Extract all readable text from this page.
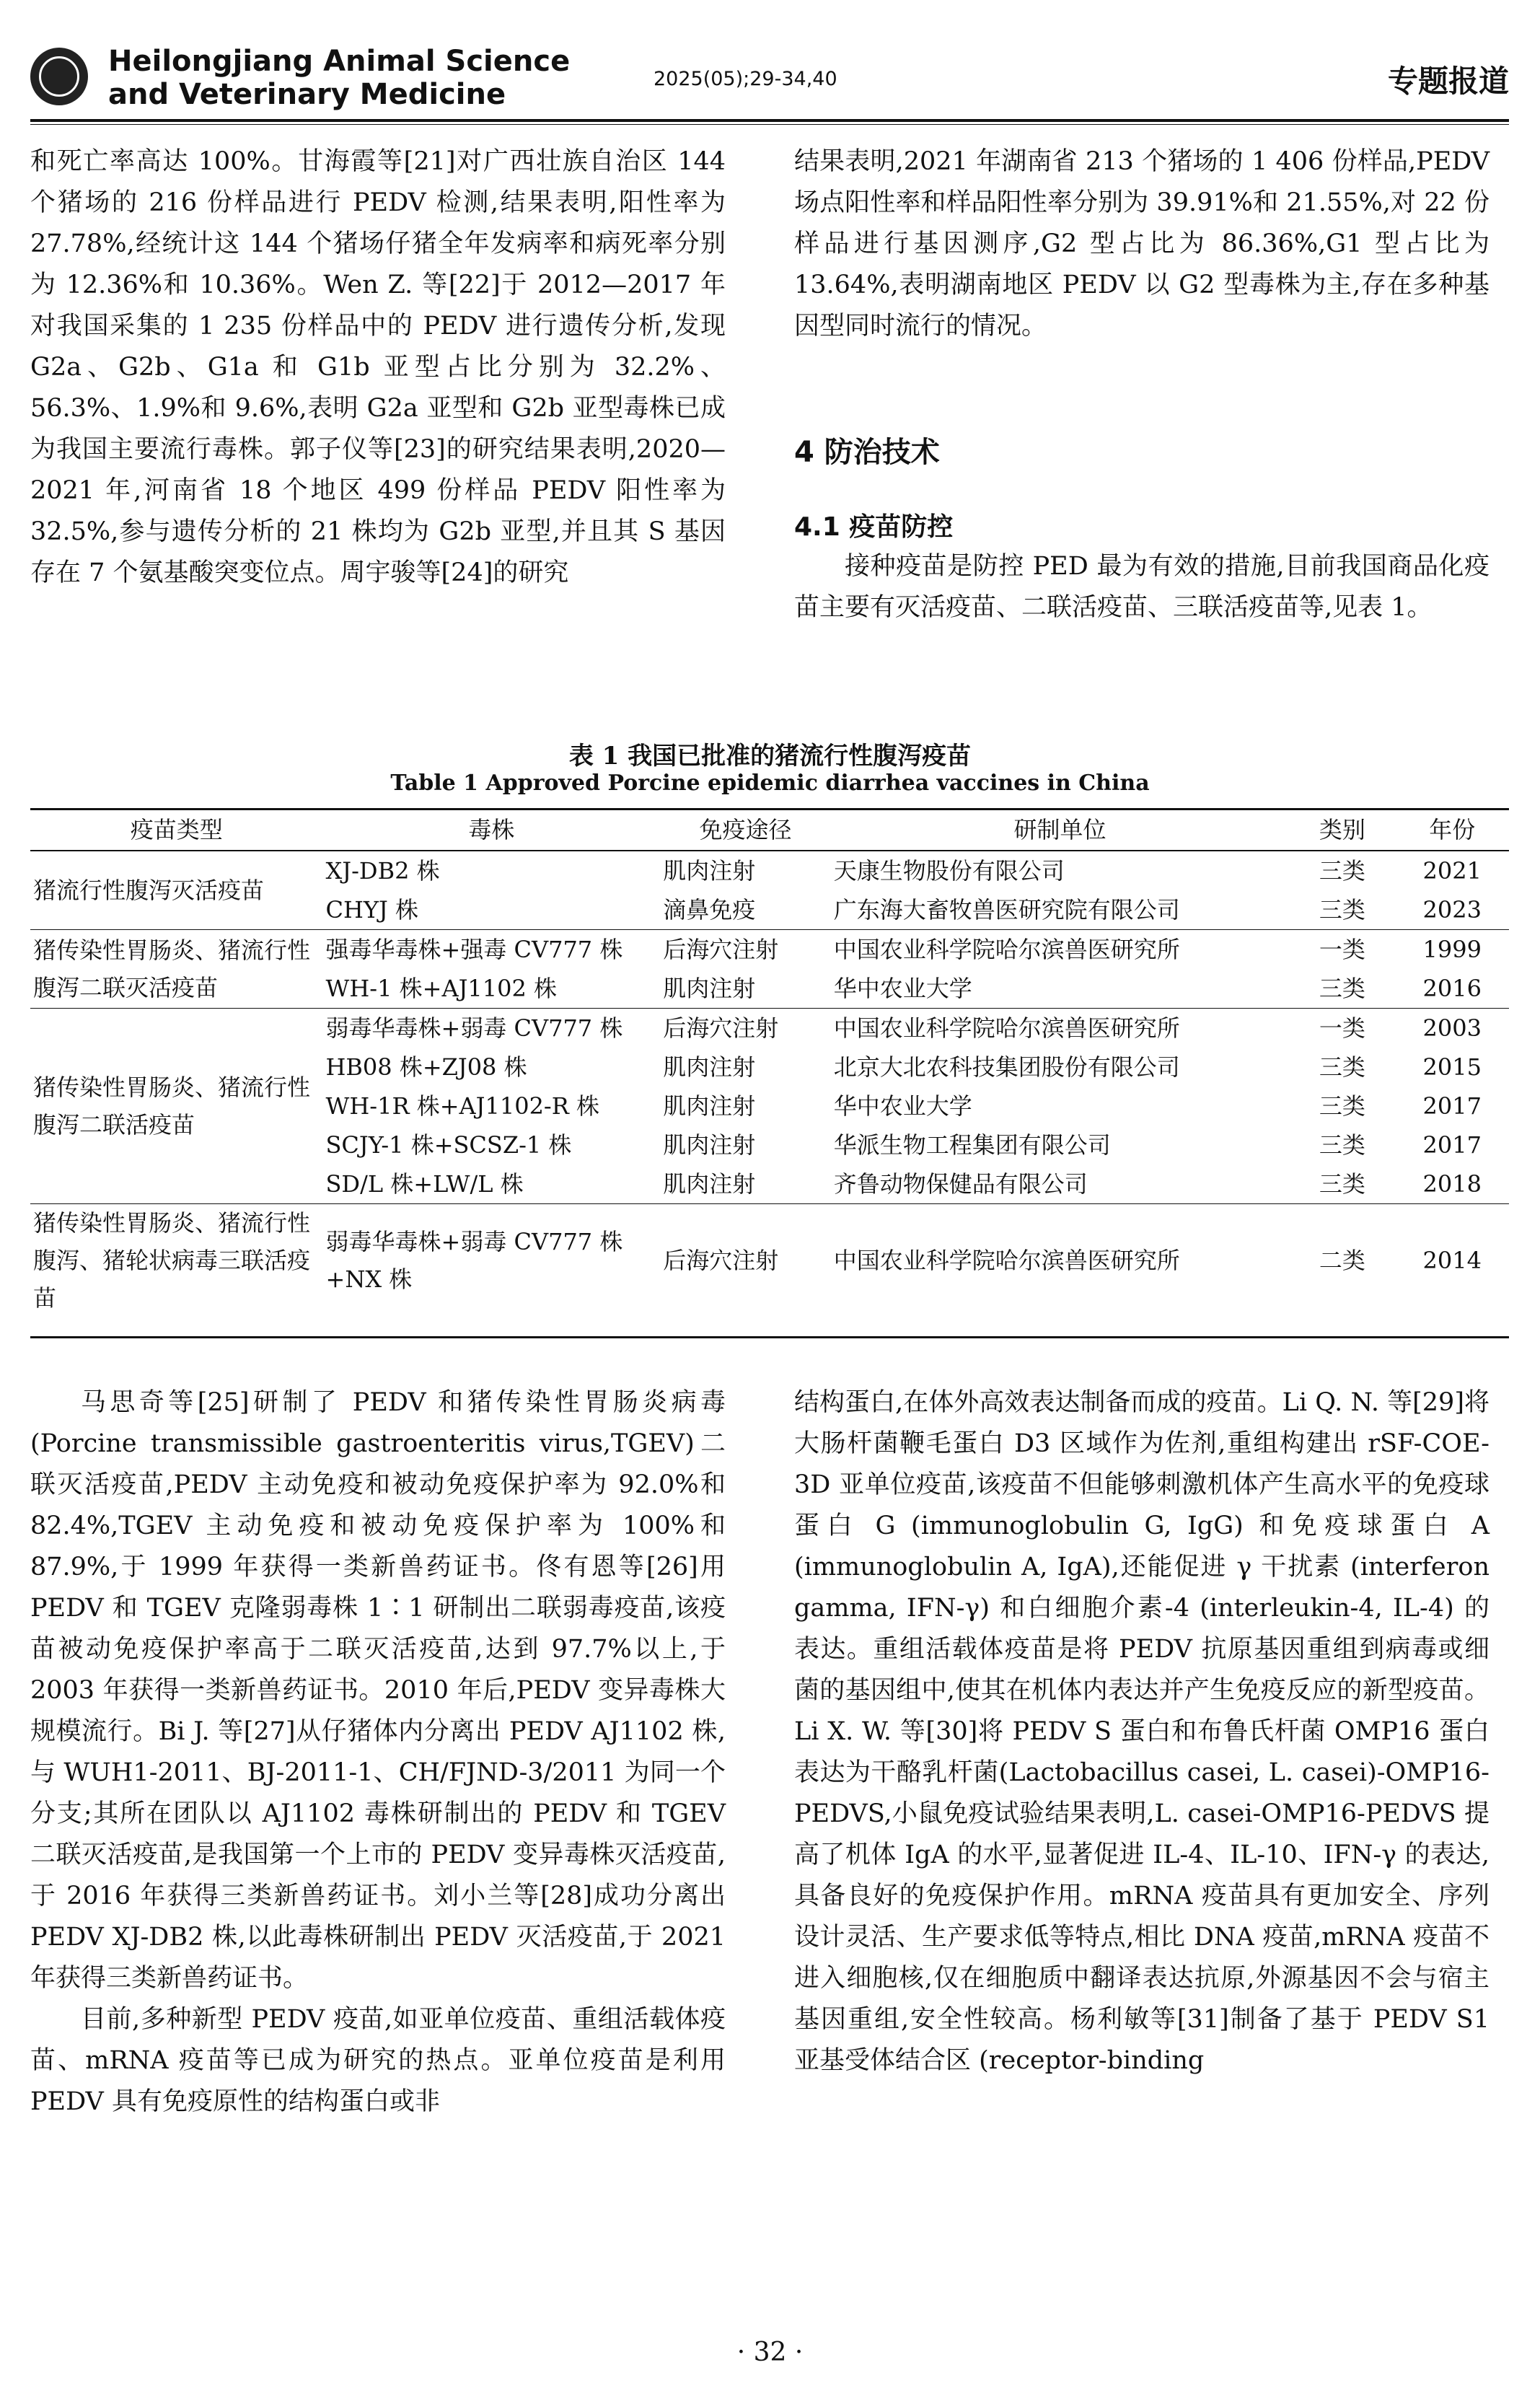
Heilongjiang Animal Science
and Veterinary Medicine	2025(05);29-34,40	专题报道

和死亡率高达 100%。甘海霞等[21]对广西壮族自治区 144 个猪场的 216 份样品进行 PEDV 检测,结果表明,阳性率为 27.78%,经统计这 144 个猪场仔猪全年发病率和病死率分别为 12.36%和 10.36%。Wen Z. 等[22]于 2012—2017 年对我国采集的 1 235 份样品中的 PEDV 进行遗传分析,发现 G2a、G2b、G1a 和 G1b 亚型占比分别为 32.2%、56.3%、1.9%和 9.6%,表明 G2a 亚型和 G2b 亚型毒株已成为我国主要流行毒株。郭子仪等[23]的研究结果表明,2020—2021 年,河南省 18 个地区 499 份样品 PEDV 阳性率为 32.5%,参与遗传分析的 21 株均为 G2b 亚型,并且其 S 基因存在 7 个氨基酸突变位点。周宇骏等[24]的研究

结果表明,2021 年湖南省 213 个猪场的 1 406 份样品,PEDV 场点阳性率和样品阳性率分别为 39.91%和 21.55%,对 22 份样品进行基因测序,G2 型占比为 86.36%,G1 型占比为 13.64%,表明湖南地区 PEDV 以 G2 型毒株为主,存在多种基因型同时流行的情况。

4 防治技术
4.1 疫苗防控

接种疫苗是防控 PED 最为有效的措施,目前我国商品化疫苗主要有灭活疫苗、二联活疫苗、三联活疫苗等,见表 1。

表 1 我国已批准的猪流行性腹泻疫苗
Table 1 Approved Porcine epidemic diarrhea vaccines in China
疫苗类型	毒株	免疫途径	研制单位	类别	年份
猪流行性腹泻灭活疫苗	XJ-DB2 株	肌肉注射	天康生物股份有限公司	三类	2021
	CHYJ 株	滴鼻免疫	广东海大畜牧兽医研究院有限公司	三类	2023
猪传染性胃肠炎、猪流行性腹泻二联灭活疫苗	强毒华毒株+强毒 CV777 株	后海穴注射	中国农业科学院哈尔滨兽医研究所	一类	1999
	WH-1 株+AJ1102 株	肌肉注射	华中农业大学	三类	2016
猪传染性胃肠炎、猪流行性腹泻二联活疫苗	弱毒华毒株+弱毒 CV777 株	后海穴注射	中国农业科学院哈尔滨兽医研究所	一类	2003
	HB08 株+ZJ08 株	肌肉注射	北京大北农科技集团股份有限公司	三类	2015
	WH-1R 株+AJ1102-R 株	肌肉注射	华中农业大学	三类	2017
	SCJY-1 株+SCSZ-1 株	肌肉注射	华派生物工程集团有限公司	三类	2017
	SD/L 株+LW/L 株	肌肉注射	齐鲁动物保健品有限公司	三类	2018
猪传染性胃肠炎、猪流行性腹泻、猪轮状病毒三联活疫苗	弱毒华毒株+弱毒 CV777 株+NX 株	后海穴注射	中国农业科学院哈尔滨兽医研究所	二类	2014

马思奇等[25]研制了 PEDV 和猪传染性胃肠炎病毒(Porcine transmissible gastroenteritis virus,TGEV)二联灭活疫苗,PEDV 主动免疫和被动免疫保护率为 92.0%和 82.4%,TGEV 主动免疫和被动免疫保护率为 100%和 87.9%,于 1999 年获得一类新兽药证书。佟有恩等[26]用 PEDV 和 TGEV 克隆弱毒株 1∶1 研制出二联弱毒疫苗,该疫苗被动免疫保护率高于二联灭活疫苗,达到 97.7%以上,于 2003 年获得一类新兽药证书。2010 年后,PEDV 变异毒株大规模流行。Bi J. 等[27]从仔猪体内分离出 PEDV AJ1102 株,与 WUH1-2011、BJ-2011-1、CH/FJND-3/2011 为同一个分支;其所在团队以 AJ1102 毒株研制出的 PEDV 和 TGEV 二联灭活疫苗,是我国第一个上市的 PEDV 变异毒株灭活疫苗,于 2016 年获得三类新兽药证书。刘小兰等[28]成功分离出 PEDV XJ-DB2 株,以此毒株研制出 PEDV 灭活疫苗,于 2021 年获得三类新兽药证书。

目前,多种新型 PEDV 疫苗,如亚单位疫苗、重组活载体疫苗、mRNA 疫苗等已成为研究的热点。亚单位疫苗是利用 PEDV 具有免疫原性的结构蛋白或非

结构蛋白,在体外高效表达制备而成的疫苗。Li Q. N. 等[29]将大肠杆菌鞭毛蛋白 D3 区域作为佐剂,重组构建出 rSF-COE-3D 亚单位疫苗,该疫苗不但能够刺激机体产生高水平的免疫球蛋白 G (immunoglobulin G, IgG) 和免疫球蛋白 A (immunoglobulin A, IgA),还能促进 γ 干扰素 (interferon gamma, IFN-γ) 和白细胞介素-4 (interleukin-4, IL-4) 的表达。重组活载体疫苗是将 PEDV 抗原基因重组到病毒或细菌的基因组中,使其在机体内表达并产生免疫反应的新型疫苗。Li X. W. 等[30]将 PEDV S 蛋白和布鲁氏杆菌 OMP16 蛋白表达为干酪乳杆菌(Lactobacillus casei, L. casei)-OMP16-PEDVS,小鼠免疫试验结果表明,L. casei-OMP16-PEDVS 提高了机体 IgA 的水平,显著促进 IL-4、IL-10、IFN-γ 的表达,具备良好的免疫保护作用。mRNA 疫苗具有更加安全、序列设计灵活、生产要求低等特点,相比 DNA 疫苗,mRNA 疫苗不进入细胞核,仅在细胞质中翻译表达抗原,外源基因不会与宿主基因重组,安全性较高。杨利敏等[31]制备了基于 PEDV S1 亚基受体结合区 (receptor-binding

· 32 ·
